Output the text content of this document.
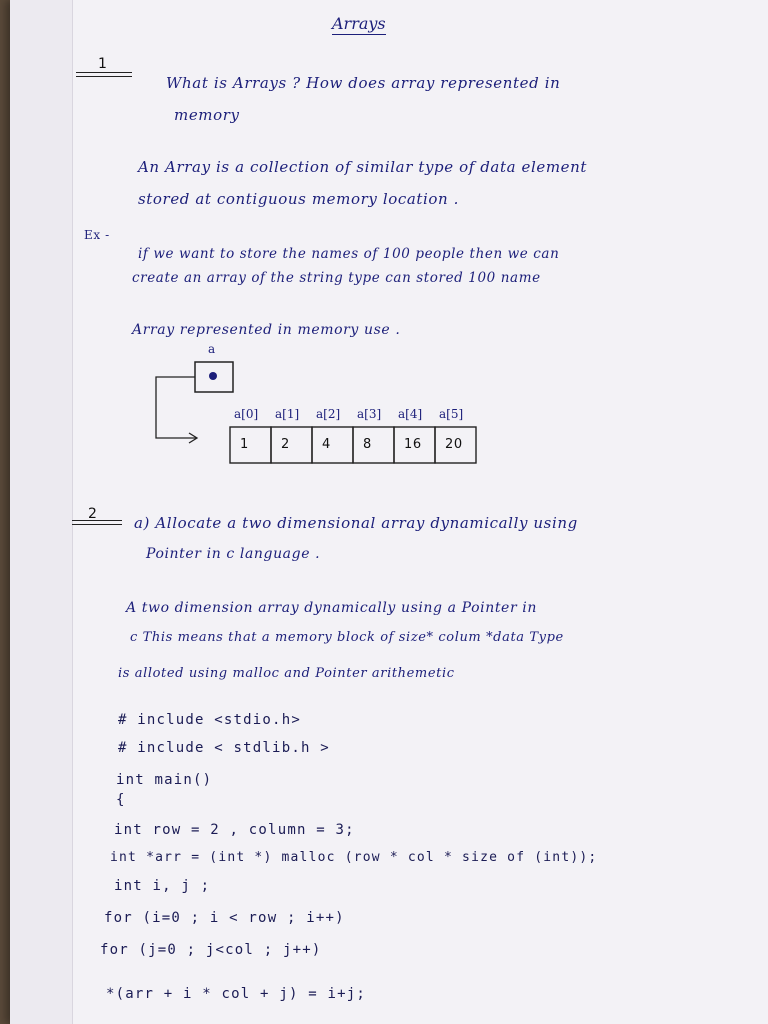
Arrays
1
What is Arrays ? How does array represented in
memory
An Array is a collection of similar type of data element
stored at contiguous memory location .
Ex -
if we want to store the names of 100 people then we can
create an array of the string type can stored 100 name
Array represented in memory use .
a
a[0] a[1] a[2] a[3] a[4] a[5]
1 2 4 8 16 20
2 a) Allocate a two dimensional array dynamically using
Pointer in c language .
A two dimension array dynamically using a Pointer in
c This means that a memory block of size* colum *data Type
is alloted using malloc and Pointer arithemetic
# include <stdio.h>
# include < stdlib.h >
int main()
{
int row = 2 , column = 3;
int *arr = (int *) malloc (row * col * size of (int));
int i, j ;
for (i=0 ; i < row ; i++)
for (j=0 ; j<col ; j++)
*(arr + i * col + j) = i+j;
